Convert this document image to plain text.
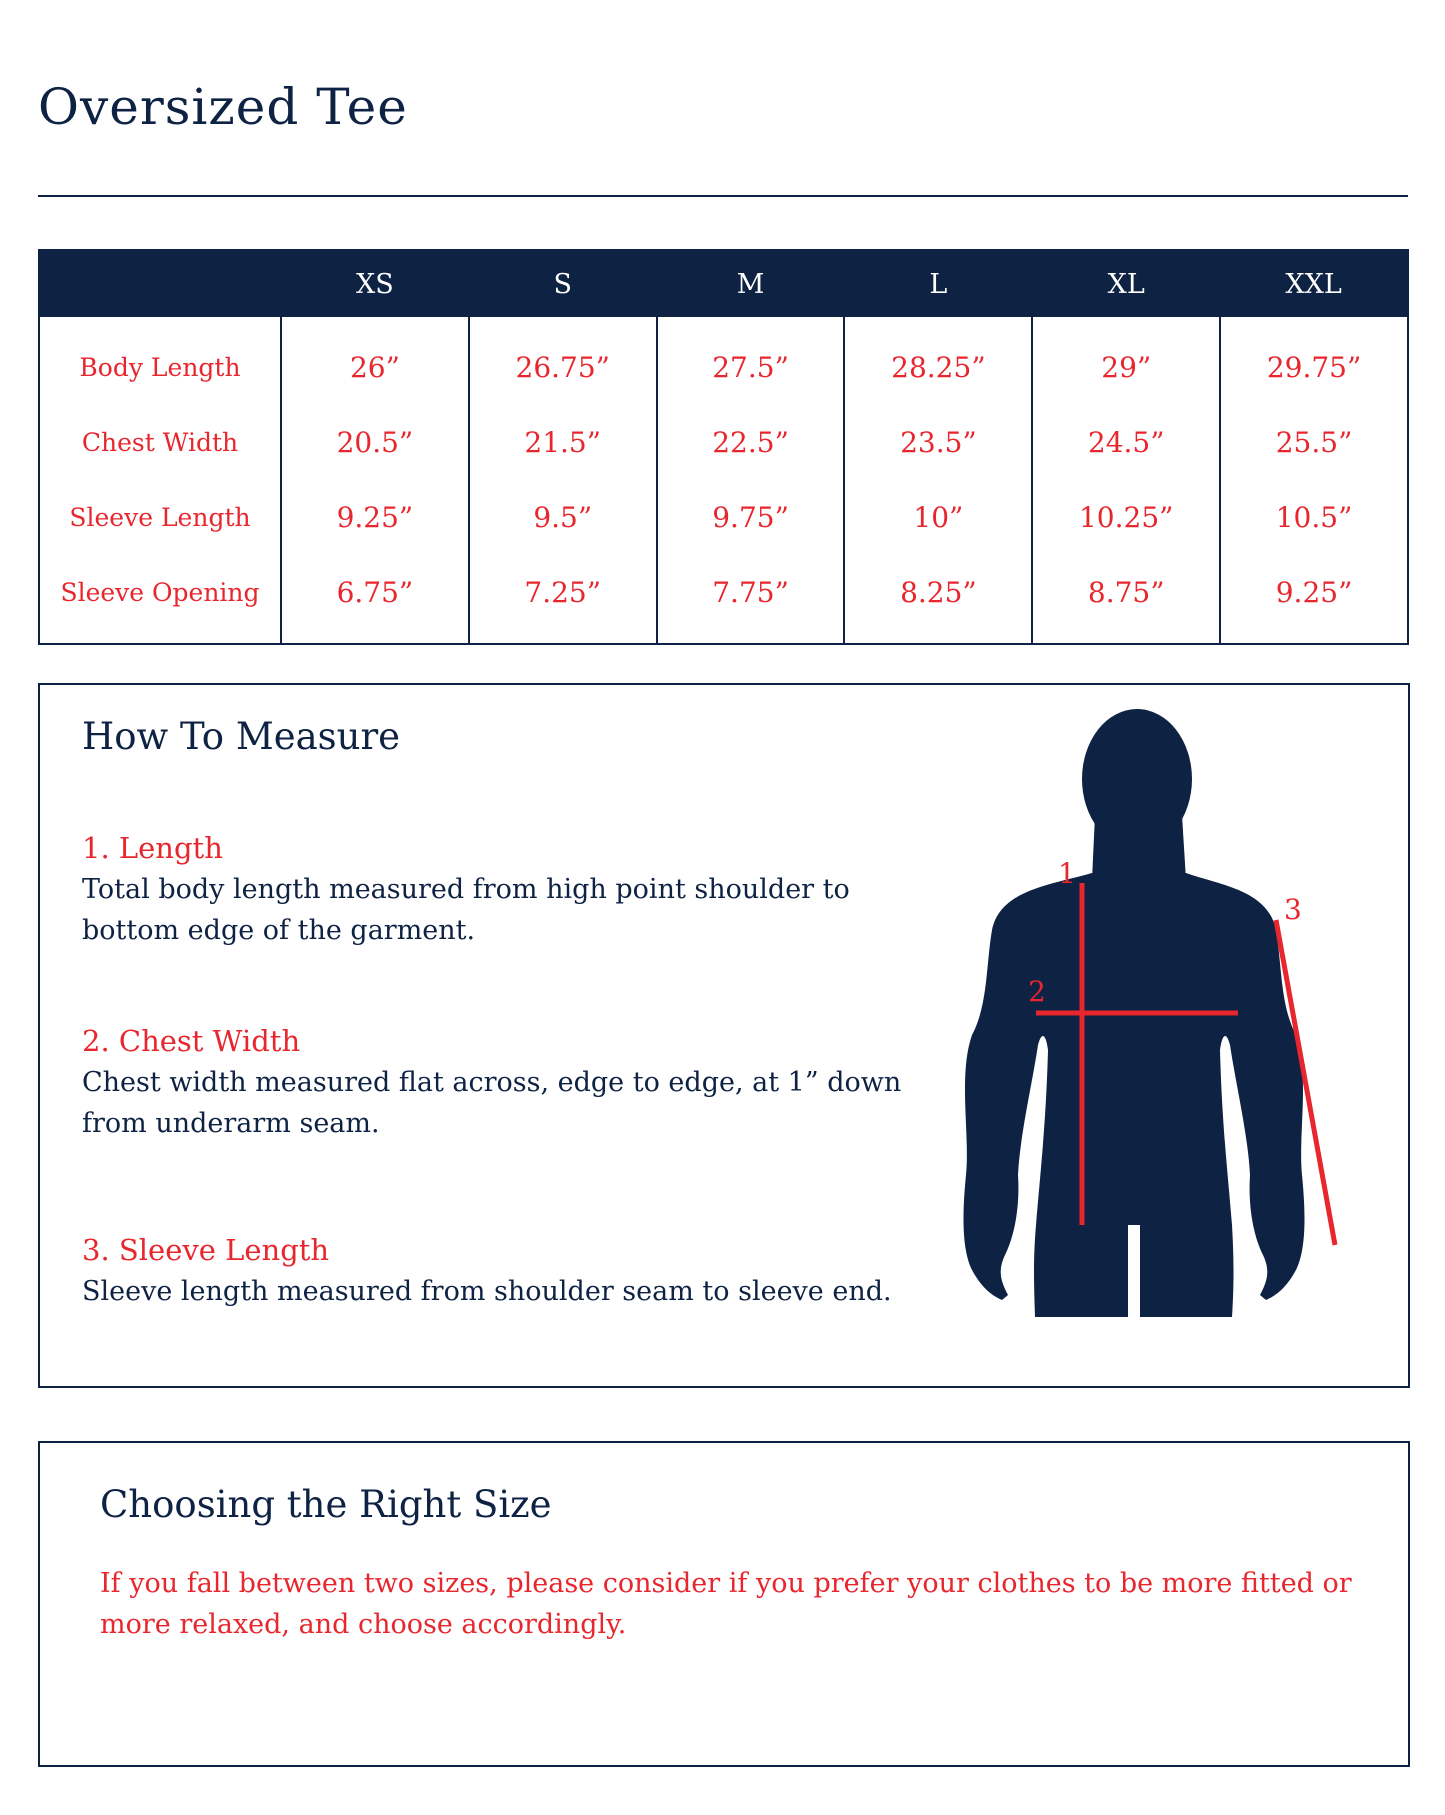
Oversized Tee
	XS	S	M	L	XL	XXL
Body Length	26”	26.75”	27.5”	28.25”	29”	29.75”
Chest Width	20.5”	21.5”	22.5”	23.5”	24.5”	25.5”
Sleeve Length	9.25”	9.5”	9.75”	10”	10.25”	10.5”
Sleeve Opening	6.75”	7.25”	7.75”	8.25”	8.75”	9.25”
How To Measure
1. Length
Total body length measured from high point shoulder to bottom edge of the garment.
2. Chest Width
Chest width measured flat across, edge to edge, at 1” down from underarm seam.
3. Sleeve Length
Sleeve length measured from shoulder seam to sleeve end.
1
2
3
Choosing the Right Size

If you fall between two sizes, please consider if you prefer your clothes to be more fitted or more relaxed, and choose accordingly.
